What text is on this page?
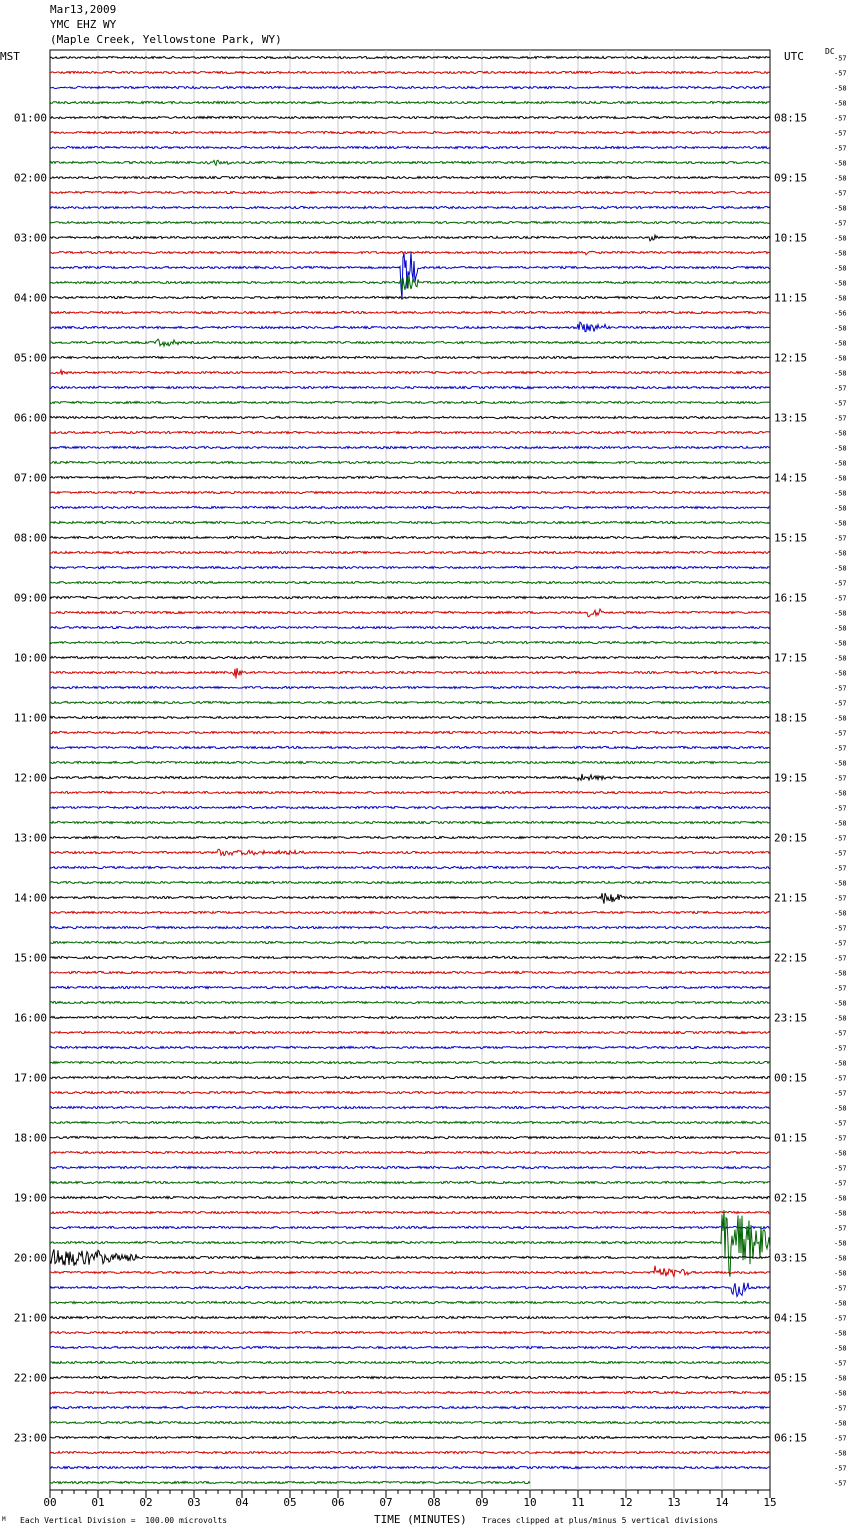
Mar13,2009
YMC EHZ WY
(Maple Creek, Yellowstone Park, WY)
MST	UTC	DC
00	01	02	03	04	05	06	07	08	09	10	11	12	13	14	15
-57
-57
-58
-58
-57
01:00	08:15
-57
-57
-58
-58
02:00	09:15
-57
-58
-57
-58
03:00	10:15
-58
-58
-58
-58
04:00	11:15
-56
-58
-58
-58
05:00	12:15
-58
-57
-57
-57
06:00	13:15
-58
-58
-58
-58
07:00	14:15
-58
-58
-58
-57
08:00	15:15
-58
-58
-57
-57
09:00	16:15
-58
-58
-58
-58
10:00	17:15
-58
-57
-57
-58
11:00	18:15
-57
-57
-58
-57
12:00	19:15
-58
-57
-58
-57
13:00	20:15
-57
-57
-58
-57
14:00	21:15
-58
-57
-57
-57
15:00	22:15
-58
-57
-58
-58
16:00	23:15
-57
-57
-58
-57
17:00	00:15
-57
-58
-57
-57
18:00	01:15
-58
-57
-57
-58
19:00	02:15
-58
-57
-58
-58
20:00	03:15
-58
-57
-58
-57
21:00	04:15
-58
-58
-57
-58
22:00	05:15
-58
-57
-58
-57
23:00	06:15
-58
-57
-57
M Each Vertical Division =  100.00 microvolts	TIME (MINUTES) Traces clipped at plus/minus 5 vertical divisions
